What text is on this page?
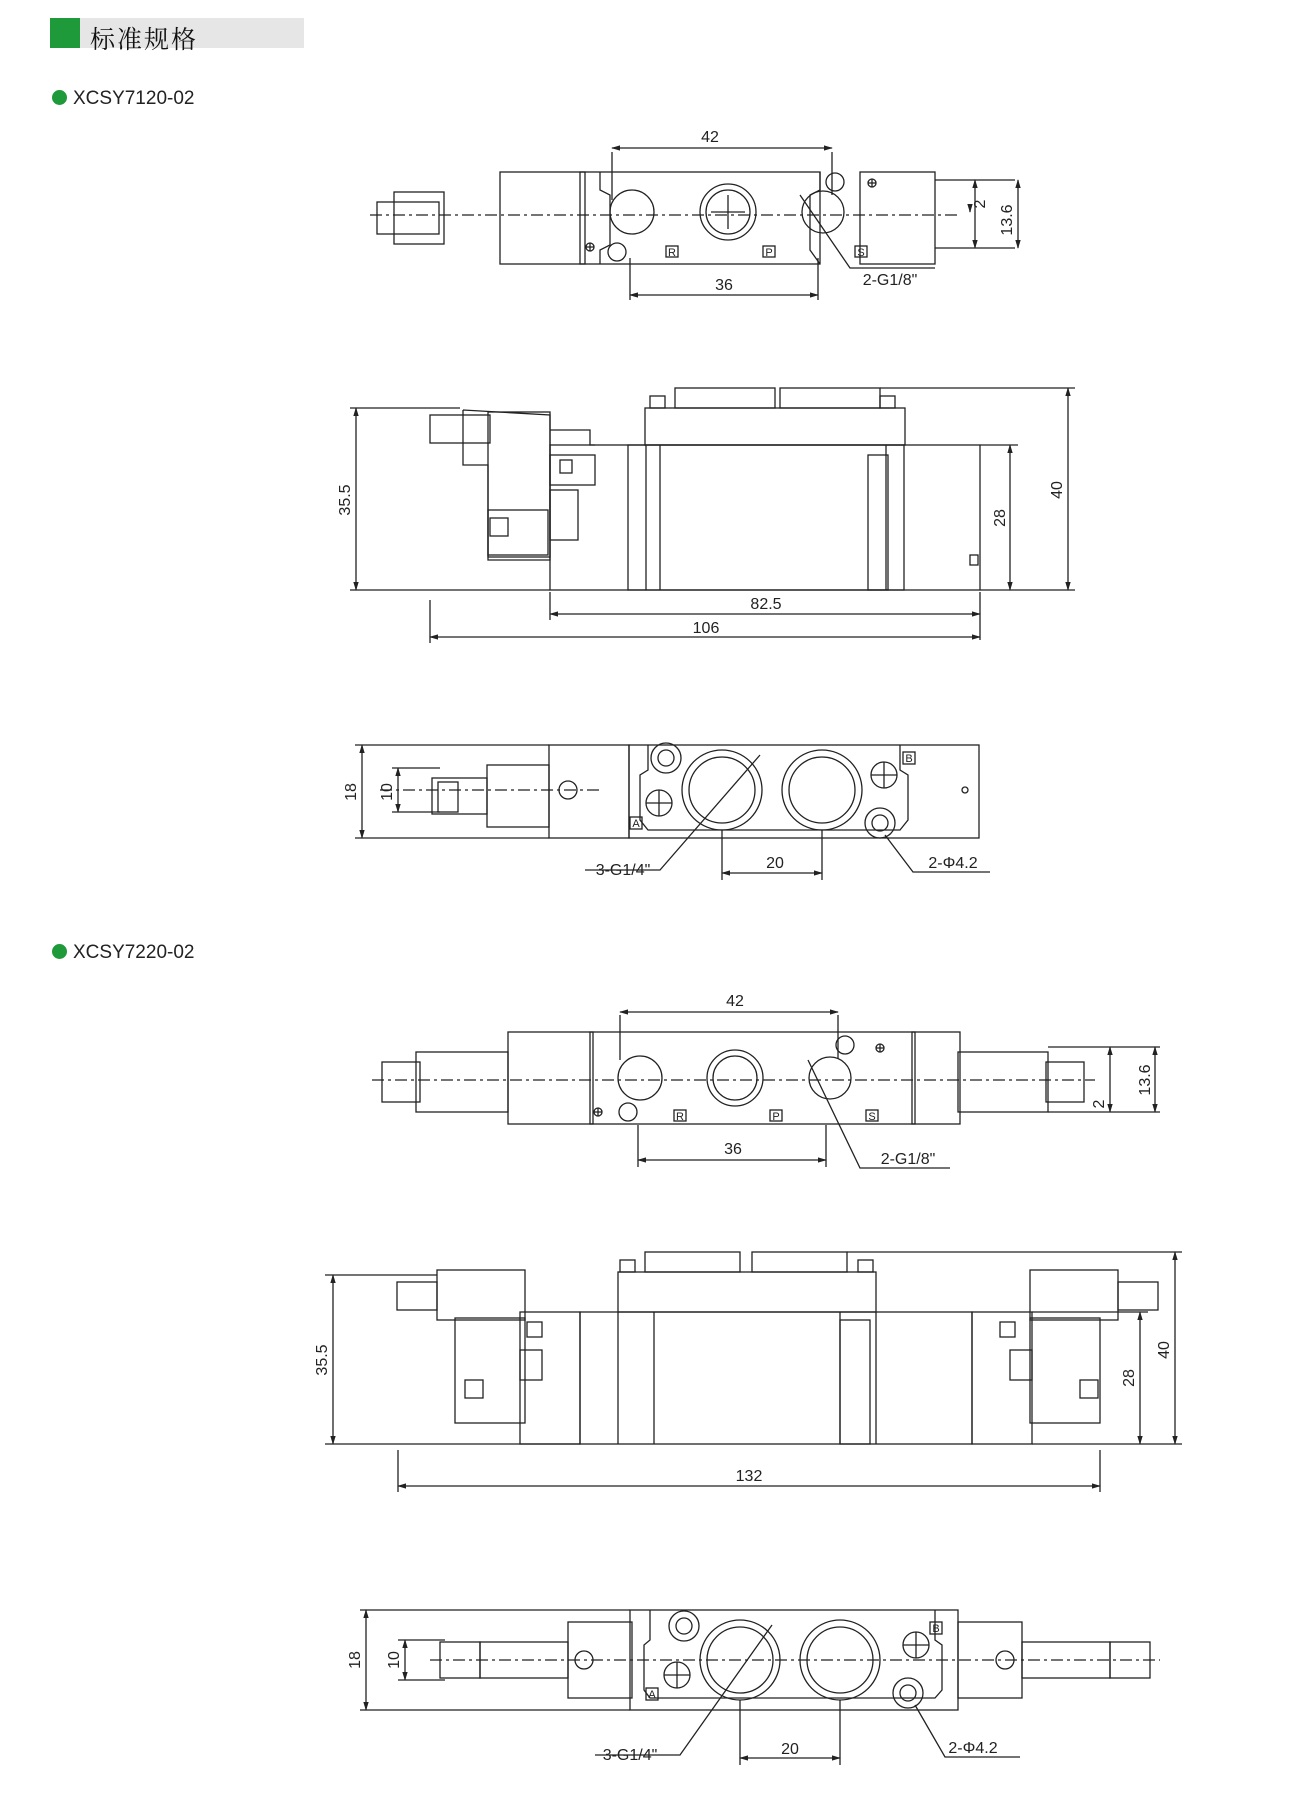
标准规格
XCSY7120-02
XCSY7220-02
42
36
2
13.6
2-G1/8"
R	P	S
35.5
28
40
82.5
106
18 10
3-G1/4"	20	2-Φ4.2
A
B
42
36
2
13.6
2-G1/8"
R	P	S
35.5
28
40
132
18 10
3-G1/4"	20	2-Φ4.2
A
B
